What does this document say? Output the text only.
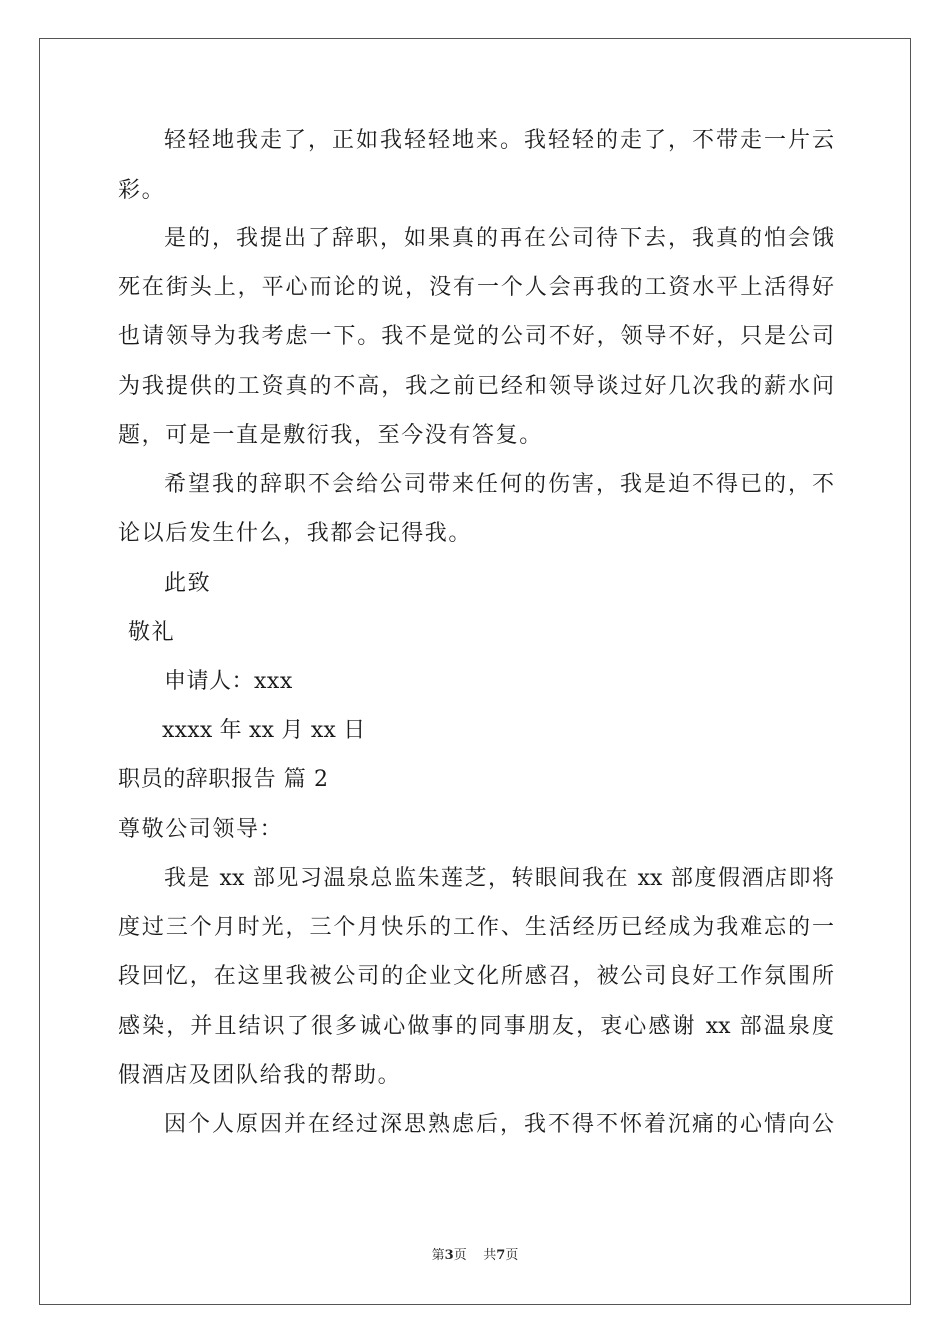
轻轻地我走了，正如我轻轻地来。我轻轻的走了，不带走一片云
彩。
是的，我提出了辞职，如果真的再在公司待下去，我真的怕会饿
死在街头上，平心而论的说，没有一个人会再我的工资水平上活得好
也请领导为我考虑一下。我不是觉的公司不好，领导不好，只是公司
为我提供的工资真的不高，我之前已经和领导谈过好几次我的薪水问
题，可是一直是敷衍我，至今没有答复。
希望我的辞职不会给公司带来任何的伤害，我是迫不得已的，不
论以后发生什么，我都会记得我。
此致
敬礼
申请人：xxx
xxxx 年 xx 月 xx 日
职员的辞职报告 篇 2
尊敬公司领导：
我是 xx 部见习温泉总监朱莲芝，转眼间我在 xx 部度假酒店即将
度过三个月时光，三个月快乐的工作、生活经历已经成为我难忘的一
段回忆，在这里我被公司的企业文化所感召，被公司良好工作氛围所
感染，并且结识了很多诚心做事的同事朋友，衷心感谢 xx 部温泉度
假酒店及团队给我的帮助。
因个人原因并在经过深思熟虑后，我不得不怀着沉痛的心情向公
第3页 共7页
